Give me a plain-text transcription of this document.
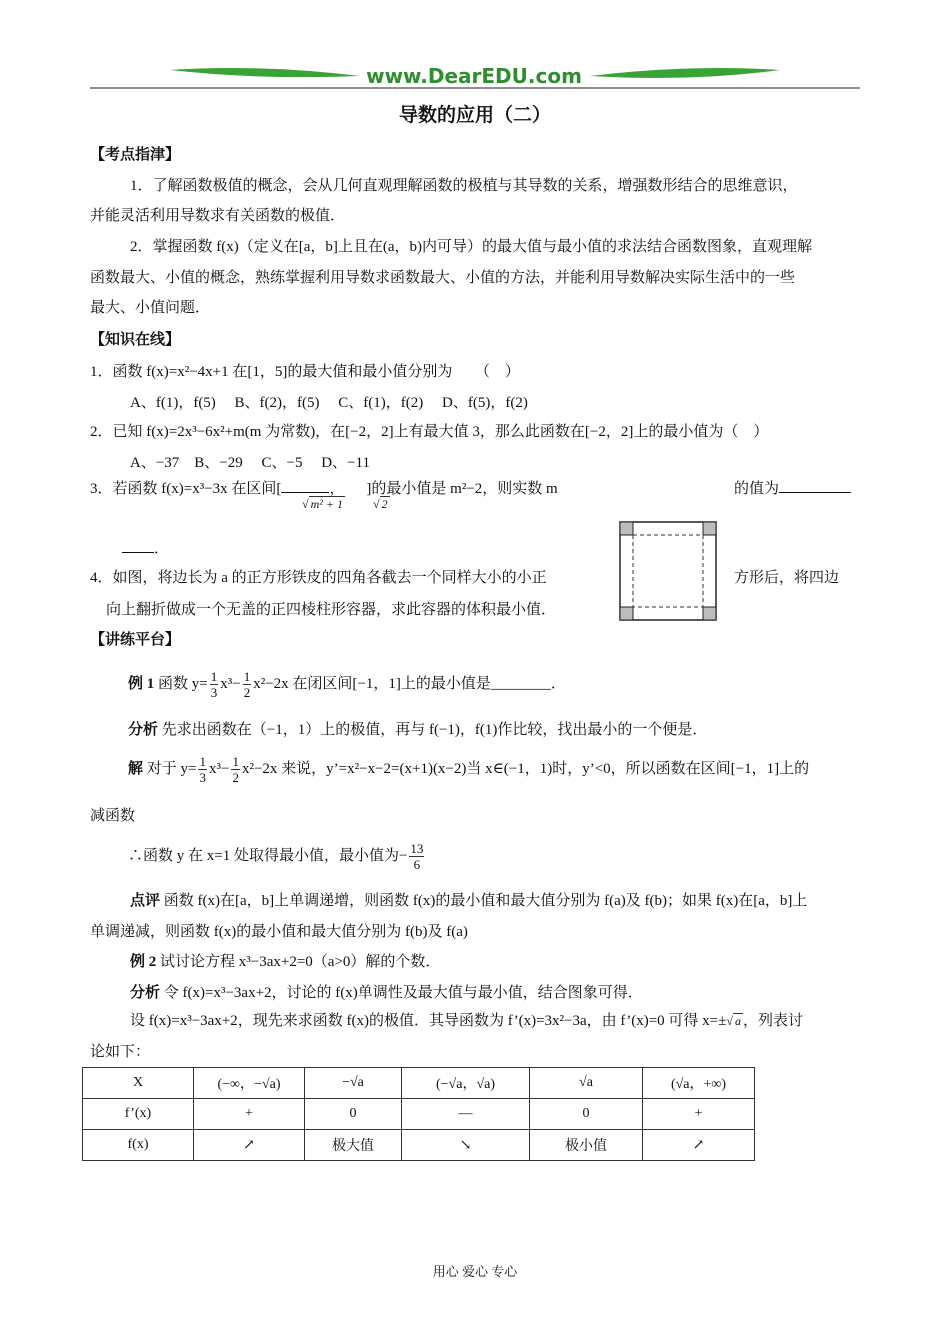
www.DearEDU.com
导数的应用（二）
【考点指津】
1．了解函数极值的概念，会从几何直观理解函数的极植与其导数的关系，增强数形结合的思维意识，
并能灵活利用导数求有关函数的极值．
2．掌握函数 f(x)（定义在[a，b]上且在(a，b)内可导）的最大值与最小值的求法结合函数图象，直观理解
函数最大、小值的概念，熟练掌握利用导数求函数最大、小值的方法，并能利用导数解决实际生活中的一些
最大、小值问题．
【知识在线】
1．函数 f(x)=x²−4x+1 在[1，5]的最大值和最小值分别为　　（　）
A、f(1)，f(5)　 B、f(2)，f(5)　 C、f(1)，f(2)　 D、f(5)，f(2)
2．已知 f(x)=2x³−6x²+m(m 为常数)，在[−2，2]上有最大值 3，那么此函数在[−2，2]上的最小值为（　）
A、−37　B、−29　 C、−5　 D、−11
3．若函数 f(x)=x³−3x 在区间[	， ]的最小值是 m²−2，则实数 m
√ m² + 1	√ 2
的值为
．
4．如图，将边长为 a 的正方形铁皮的四角各截去一个同样大小的小正	方形后，将四边
向上翻折做成一个无盖的正四棱柱形容器，求此容器的体积最小值．
【讲练平台】
例 1 函数 $y= \frac{1}{3} x^3- \frac{1}{2} x^2-2x$ 在闭区间[−1，1]上的最小值是________．
分析 先求出函数在（−1，1）上的极值，再与 f(−1)，f(1)作比较，找出最小的一个便是．
解 对于 $y= \frac{1}{3} x^3- \frac{1}{2} x^2-2x$ 来说，y’=x²−x−2=(x+1)(x−2)当 x∈(−1，1)时，y’<0，所以函数在区间[−1，1]上的
减函数
∴函数 y 在 x=1 处取得最小值，最小值为− $\frac{13}{6}$
点评 函数 f(x)在[a，b]上单调递增，则函数 f(x)的最小值和最大值分别为 f(a)及 f(b)；如果 f(x)在[a，b]上
单调递减，则函数 f(x)的最小值和最大值分别为 f(b)及 f(a)
例 2 试讨论方程 x³−3ax+2=0（a>0）解的个数．
分析 令 f(x)=x³−3ax+2，讨论的 f(x)单调性及最大值与最小值，结合图象可得．
设 f(x)=x³−3ax+2，现先来求函数 f(x)的极值．其导函数为 f’(x)=3x²−3a，由 f’(x)=0 可得 x=±√ a ，列表讨
论如下：
X	(−∞，−√a)	−√a	(−√a，√a)	√a	(√a，+∞)
f’(x)	+	0	—	0	+
f(x)	↗	极大值	↘	极小值	↗
用心 爱心 专心
